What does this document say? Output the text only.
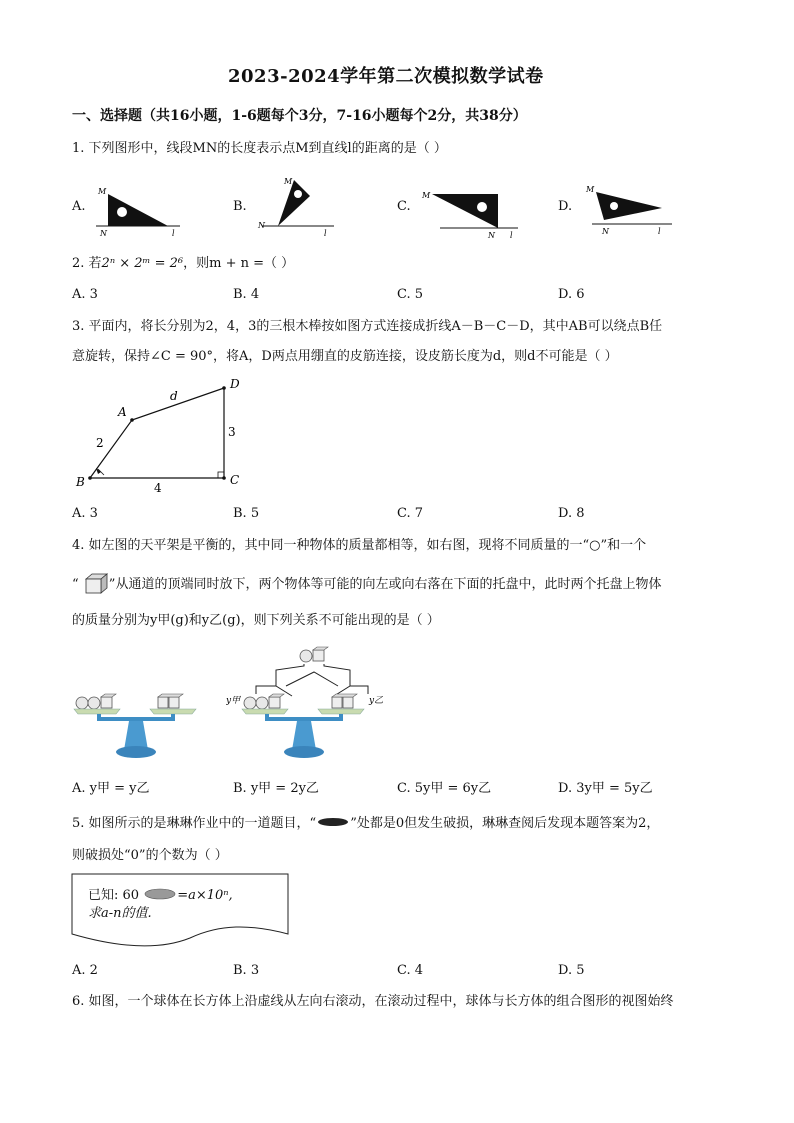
2023-2024学年第二次模拟数学试卷
一、选择题（共16小题，1-6题每个3分，7-16小题每个2分，共38分）
1. 下列图形中，线段MN的长度表示点M到直线l的距离的是（ ）
A.
M
N	l
B.
M
N
l
C.
M
N l
D.
M
N	l
2. 若2ⁿ × 2ᵐ = 2⁶，则m + n =（ ）
A. 3	B. 4	C. 5	D. 6
3. 平面内，将长分别为2，4，3的三根木棒按如图方式连接成折线A－B－C－D，其中AB可以绕点B任
意旋转，保持∠C = 90°，将A，D两点用绷直的皮筋连接，设皮筋长度为d，则d不可能是（ ）
A
B	C
D
d
2
4
3
A. 3	B. 5	C. 7	D. 8
4. 如左图的天平架是平衡的，其中同一种物体的质量都相等，如右图，现将不同质量的一“○”和一个
“ ”从通道的顶端同时放下，两个物体等可能的向左或向右落在下面的托盘中，此时两个托盘上物体
的质量分别为y甲(g)和y乙(g)，则下列关系不可能出现的是（ ）
y甲	y乙
A. y甲 = y乙	B. y甲 = 2y乙	C. 5y甲 = 6y乙	D. 3y甲 = 5y乙
5. 如图所示的是琳琳作业中的一道题目，“	”处都是0但发生破损，琳琳查阅后发现本题答案为2，
则破损处“0”的个数为（ ）
已知: 60	=a×10ⁿ,
求a-n的值.
A. 2	B. 3	C. 4	D. 5
6. 如图，一个球体在长方体上沿虚线从左向右滚动，在滚动过程中，球体与长方体的组合图形的视图始终
